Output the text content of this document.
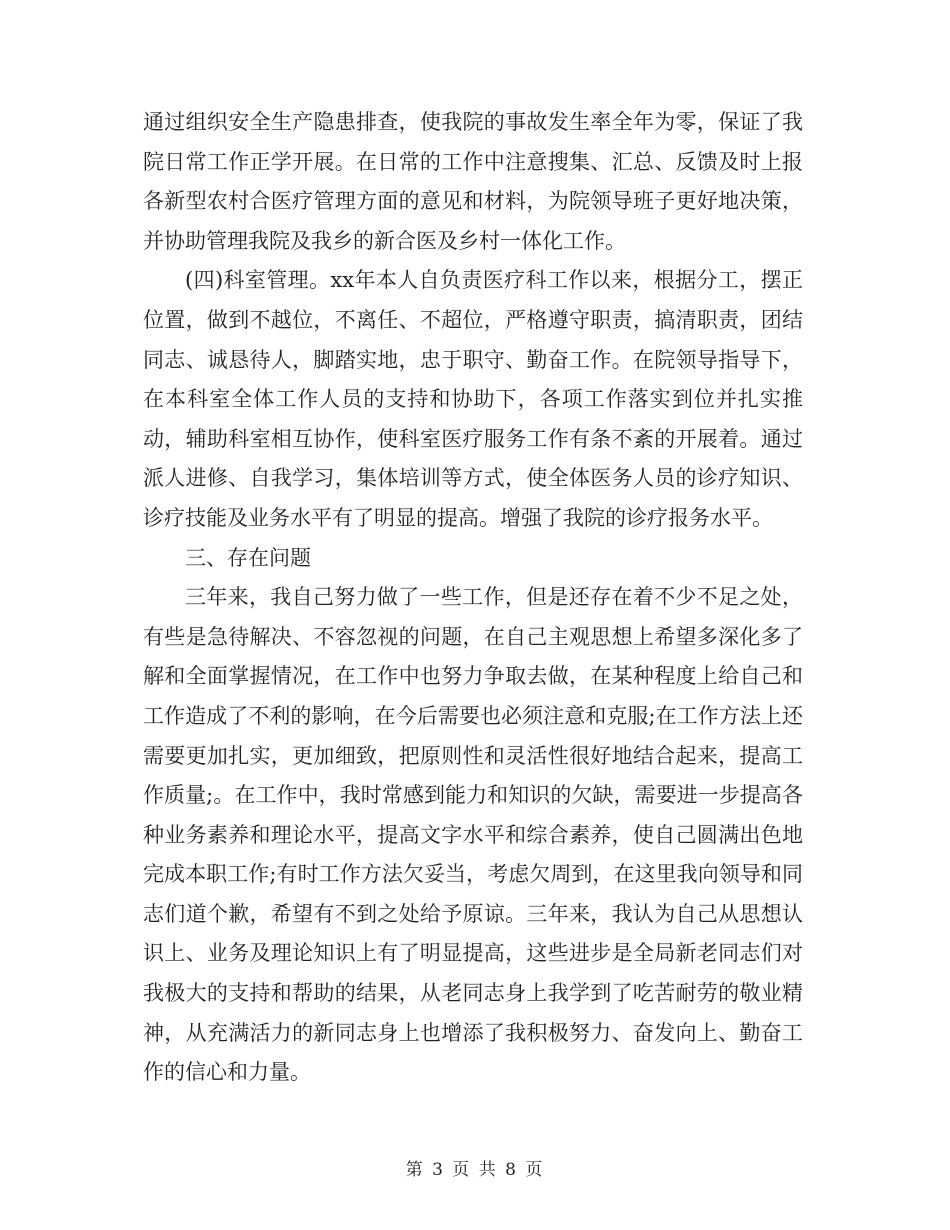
通过组织安全生产隐患排查，使我院的事故发生率全年为零，保证了我院日常工作正学开展。在日常的工作中注意搜集、汇总、反馈及时上报各新型农村合医疗管理方面的意见和材料，为院领导班子更好地决策，并协助管理我院及我乡的新合医及乡村一体化工作。

(四)科室管理。xx年本人自负责医疗科工作以来，根据分工，摆正位置，做到不越位，不离任、不超位，严格遵守职责，搞清职责，团结同志、诚恳待人，脚踏实地，忠于职守、勤奋工作。在院领导指导下，在本科室全体工作人员的支持和协助下，各项工作落实到位并扎实推动，辅助科室相互协作，使科室医疗服务工作有条不紊的开展着。通过派人进修、自我学习，集体培训等方式，使全体医务人员的诊疗知识、诊疗技能及业务水平有了明显的提高。增强了我院的诊疗报务水平。

三、存在问题

三年来，我自己努力做了一些工作，但是还存在着不少不足之处，有些是急待解决、不容忽视的问题，在自己主观思想上希望多深化多了解和全面掌握情况，在工作中也努力争取去做，在某种程度上给自己和工作造成了不利的影响，在今后需要也必须注意和克服;在工作方法上还需要更加扎实，更加细致，把原则性和灵活性很好地结合起来，提高工作质量;。在工作中，我时常感到能力和知识的欠缺，需要进一步提高各种业务素养和理论水平，提高文字水平和综合素养，使自己圆满出色地完成本职工作;有时工作方法欠妥当，考虑欠周到，在这里我向领导和同志们道个歉，希望有不到之处给予原谅。三年来，我认为自己从思想认识上、业务及理论知识上有了明显提高，这些进步是全局新老同志们对我极大的支持和帮助的结果，从老同志身上我学到了吃苦耐劳的敬业精神，从充满活力的新同志身上也增添了我积极努力、奋发向上、勤奋工作的信心和力量。

第 3 页 共 8 页
